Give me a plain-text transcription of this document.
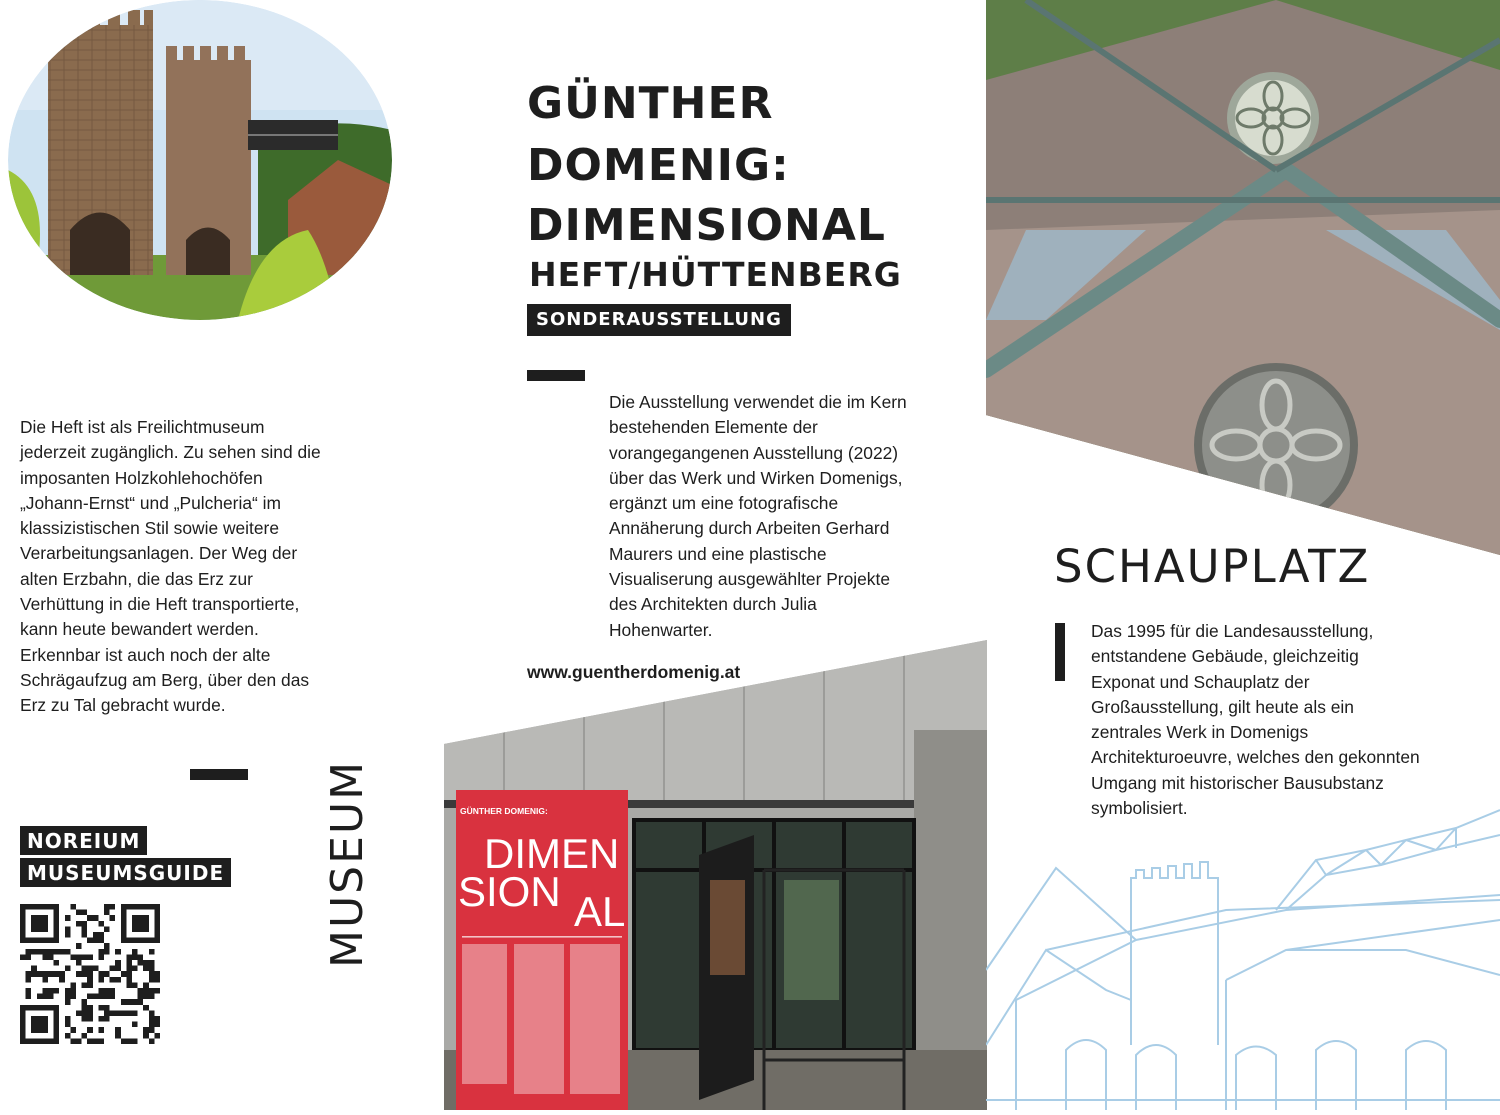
Die Heft ist als Freilichtmuseum jederzeit zugänglich. Zu sehen sind die imposanten Holzkohlehochöfen „Johann-Ernst“ und „Pulcheria“ im klassizistischen Stil sowie weitere Verarbeitungsanlagen. Der Weg der alten Erzbahn, die das Erz zur Verhüttung in die Heft transportierte, kann heute bewandert werden. Erkennbar ist auch noch der alte Schrägaufzug am Berg, über den das Erz zu Tal gebracht wurde.
MUSEUM
NOREIUM
MUSEUMSGUIDE
GÜNTHER
DOMENIG:
DIMENSIONAL
HEFT/HÜTTENBERG
SONDERAUSSTELLUNG
Die Ausstellung verwendet die im Kern bestehenden Elemente der vorangegangenen Ausstellung (2022) über das Werk und Wirken Domenigs, ergänzt um eine fotografische Annäherung durch Arbeiten Gerhard Maurers und eine plastische Visualiserung ausgewählter Projekte des Architekten durch Julia Hohenwarter.
www.guentherdomenig.at
GÜNTHER DOMENIG:
DIMEN
SION AL
SCHAUPLATZ
Das 1995 für die Landesausstellung, entstandene Gebäude, gleichzeitig Exponat und Schauplatz der Großausstellung, gilt heute als ein zentrales Werk in Domenigs Architekturoeuvre, welches den gekonnten Umgang mit historischer Bausubstanz symbolisiert.
